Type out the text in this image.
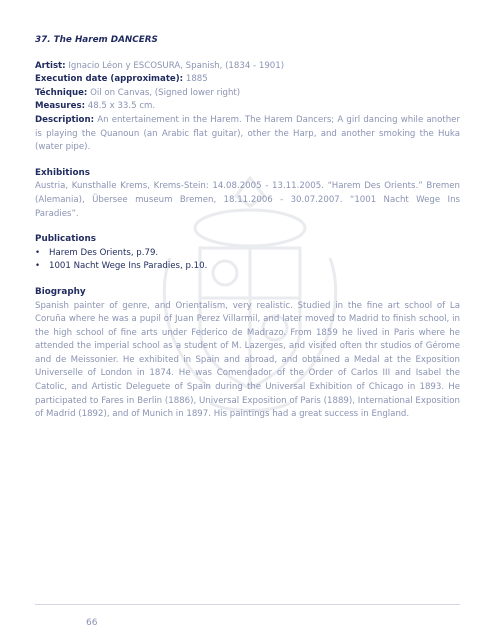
37. The Harem DANCERS

Artist: Ignacio Léon y ESCOSURA, Spanish, (1834 - 1901)

Execution date (approximate): 1885

Téchnique: Oil on Canvas, (Signed lower right)

Measures: 48.5 x 33.5 cm.

Description: An entertainement in the Harem. The Harem Dancers; A girl dancing while another is playing the Quanoun (an Arabic flat guitar), other the Harp, and another smoking the Huka (water pipe).

Exhibitions

Austria, Kunsthalle Krems, Krems-Stein: 14.08.2005 - 13.11.2005. “Harem Des Orients.” Bremen (Alemania), Übersee museum Bremen, 18.11.2006 - 30.07.2007. “1001 Nacht Wege Ins Paradies”.

Publications
• Harem Des Orients, p.79.
• 1001 Nacht Wege Ins Paradies, p.10.
Biography

Spanish painter of genre, and Orientalism, very realistic. Studied in the fine art school of La Coruña where he was a pupil of Juan Perez Villarmil, and later moved to Madrid to finish school, in the high school of fine arts under Federico de Madrazo. From 1859 he lived in Paris where he attended the imperial school as a student of M. Lazerges, and visited often thr studios of Gérome and de Meissonier. He exhibited in Spain and abroad, and obtained a Medal at the Exposition Universelle of London in 1874. He was Comendador of the Order of Carlos III and Isabel the Catolic, and Artistic Deleguete of Spain during the Universal Exhibition of Chicago in 1893. He participated to Fares in Berlin (1886), Universal Exposition of Paris (1889), International Exposition of Madrid (1892), and of Munich in 1897. His paintings had a great success in England.

66
